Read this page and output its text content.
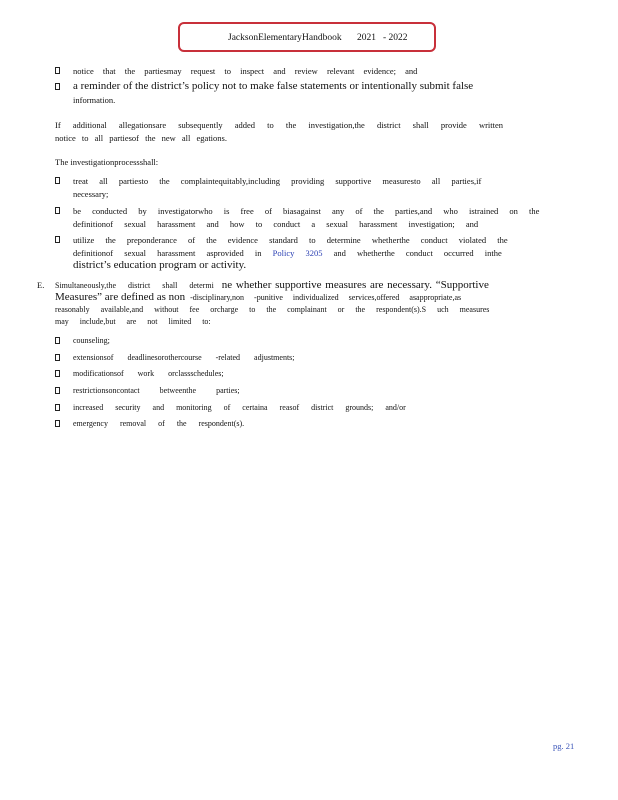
JacksonElementary Handbook 2021 - 2022
notice that the partiesmay request to inspect and review relevant evidence; and
a reminder of the district’s policy not to make false statements or intentionally submit false
information.
If additional allegationsare subsequently added to the investigation,the district shall provide written
notice to all partiesof the new all egations.
The investigationprocessshall:
treat all partiesto the complaintequitably,including providing supportive measuresto all parties,if
necessary;
be conducted by investigatorwho is free of biasagainst any of the parties,and who istrained on the
definitionof sexual harassment and how to conduct a sexual harassment investigation; and
utilize the preponderance of the evidence standard to determine whetherthe conduct violated the
definitionof sexual harassment asprovided in Policy 3205 and whetherthe conduct occurred inthe
district’s education program or activity.
E. Simultaneously,the district shall determi ne whether supportive measures are necessary. “Supportive
Measures” are defined as non -disciplinary,non -punitive individualized services,offered asappropriate,as
reasonably available,and without fee orcharge to the complainant or the respondent(s).S uch measures
may include,but are not limited to:
counseling;
extensionsof deadlinesorothercourse -related adjustments;
modificationsof work orclassschedules;
restrictionsoncontact betweenthe parties;
increased security and monitoring of certaina reasof district grounds; and/or
emergency removal of the respondent(s).
pg. 21
